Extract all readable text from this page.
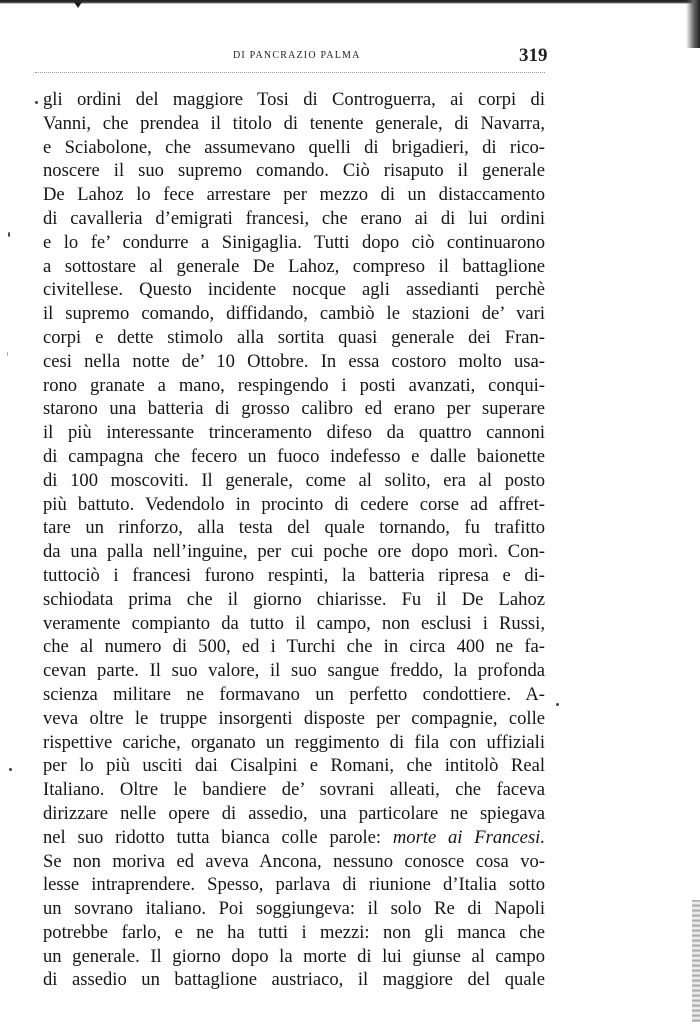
DI PANCRAZIO PALMA	319
gli ordini del maggiore Tosi di Controguerra, ai corpi di
Vanni, che prendea il titolo di tenente generale, di Navarra,
e Sciabolone, che assumevano quelli di brigadieri, di rico-
noscere il suo supremo comando. Ciò risaputo il generale
De Lahoz lo fece arrestare per mezzo di un distaccamento
di cavalleria d’emigrati francesi, che erano ai di lui ordini
e lo fe’ condurre a Sinigaglia. Tutti dopo ciò continuarono
a sottostare al generale De Lahoz, compreso il battaglione
civitellese. Questo incidente nocque agli assedianti perchè
il supremo comando, diffidando, cambiò le stazioni de’ vari
corpi e dette stimolo alla sortita quasi generale dei Fran-
cesi nella notte de’ 10 Ottobre. In essa costoro molto usa-
rono granate a mano, respingendo i posti avanzati, conqui-
starono una batteria di grosso calibro ed erano per superare
il più interessante trinceramento difeso da quattro cannoni
di campagna che fecero un fuoco indefesso e dalle baionette
di 100 moscoviti. Il generale, come al solito, era al posto
più battuto. Vedendolo in procinto di cedere corse ad affret-
tare un rinforzo, alla testa del quale tornando, fu trafitto
da una palla nell’inguine, per cui poche ore dopo morì. Con-
tuttociò i francesi furono respinti, la batteria ripresa e di-
schiodata prima che il giorno chiarisse. Fu il De Lahoz
veramente compianto da tutto il campo, non esclusi i Russi,
che al numero di 500, ed i Turchi che in circa 400 ne fa-
cevan parte. Il suo valore, il suo sangue freddo, la profonda
scienza militare ne formavano un perfetto condottiere. A-
veva oltre le truppe insorgenti disposte per compagnie, colle
rispettive cariche, organato un reggimento di fila con uffiziali
per lo più usciti dai Cisalpini e Romani, che intitolò Real
Italiano. Oltre le bandiere de’ sovrani alleati, che faceva
dirizzare nelle opere di assedio, una particolare ne spiegava
nel suo ridotto tutta bianca colle parole: morte ai Francesi.
Se non moriva ed aveva Ancona, nessuno conosce cosa vo-
lesse intraprendere. Spesso, parlava di riunione d’Italia sotto
un sovrano italiano. Poi soggiungeva: il solo Re di Napoli
potrebbe farlo, e ne ha tutti i mezzi: non gli manca che
un generale. Il giorno dopo la morte di lui giunse al campo
di assedio un battaglione austriaco, il maggiore del quale
